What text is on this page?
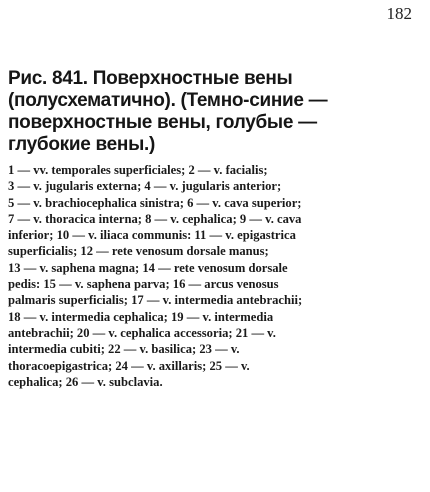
182
Рис. 841. Поверхностные вены
(полусхематично). (Темно-синие —
поверхностные вены, голубые —
глубокие вены.)

1 — vv. temporales superficiales; 2 — v. facialis;
3 — v. jugularis externa; 4 — v. jugularis anterior;
5 — v. brachiocephalica sinistra; 6 — v. cava superior;
7 — v. thoracica interna; 8 — v. cephalica; 9 — v. cava
inferior; 10 — v. iliaca communis: 11 — v. epigastrica
superficialis; 12 — rete venosum dorsale manus;
13 — v. saphena magna; 14 — rete venosum dorsale
pedis: 15 — v. saphena parva; 16 — arcus venosus
palmaris superficialis; 17 — v. intermedia antebrachii;
18 — v. intermedia cephalica; 19 — v. intermedia
antebrachii; 20 — v. cephalica accessoria; 21 — v.
intermedia cubiti; 22 — v. basilica; 23 — v.
thoracoepigastrica; 24 — v. axillaris; 25 — v.
cephalica; 26 — v. subclavia.
